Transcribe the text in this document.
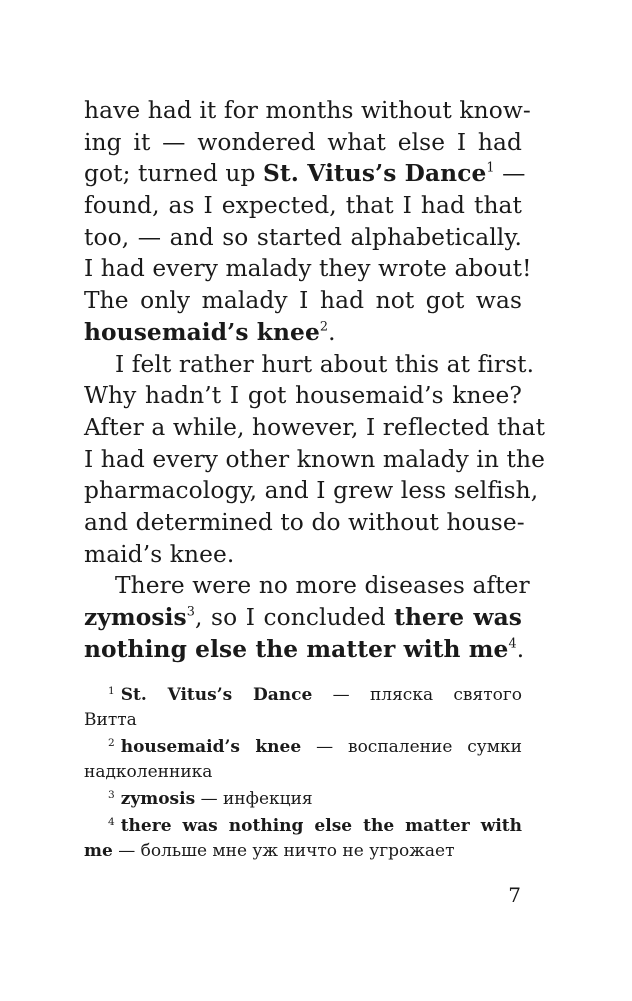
have had it for months without know-
ing it — wondered what else I had
got; turned up St. Vitus’s Dance$^1$ —
found, as I expected, that I had that
too, — and so started alphabetically.
I had every malady they wrote about!
The only malady I had not got was
housemaid’s knee$^2$.
I felt rather hurt about this at first.
Why hadn’t I got housemaid’s knee?
After a while, however, I reflected that
I had every other known malady in the
pharmacology, and I grew less selfish,
and determined to do without house-
maid’s knee.
There were no more diseases after
zymosis$^3$, so I concluded there was
nothing else the matter with $me^4$.
$^1$ St. Vitus’s Dance — пляска святого
Витта
$^2$ housemaid’s knee — воспаление сумки
надколенника
$^3$ zymosis — инфекция
$^4$ there was nothing else the matter with
me — больше мне уж ничто не угрожает
7
